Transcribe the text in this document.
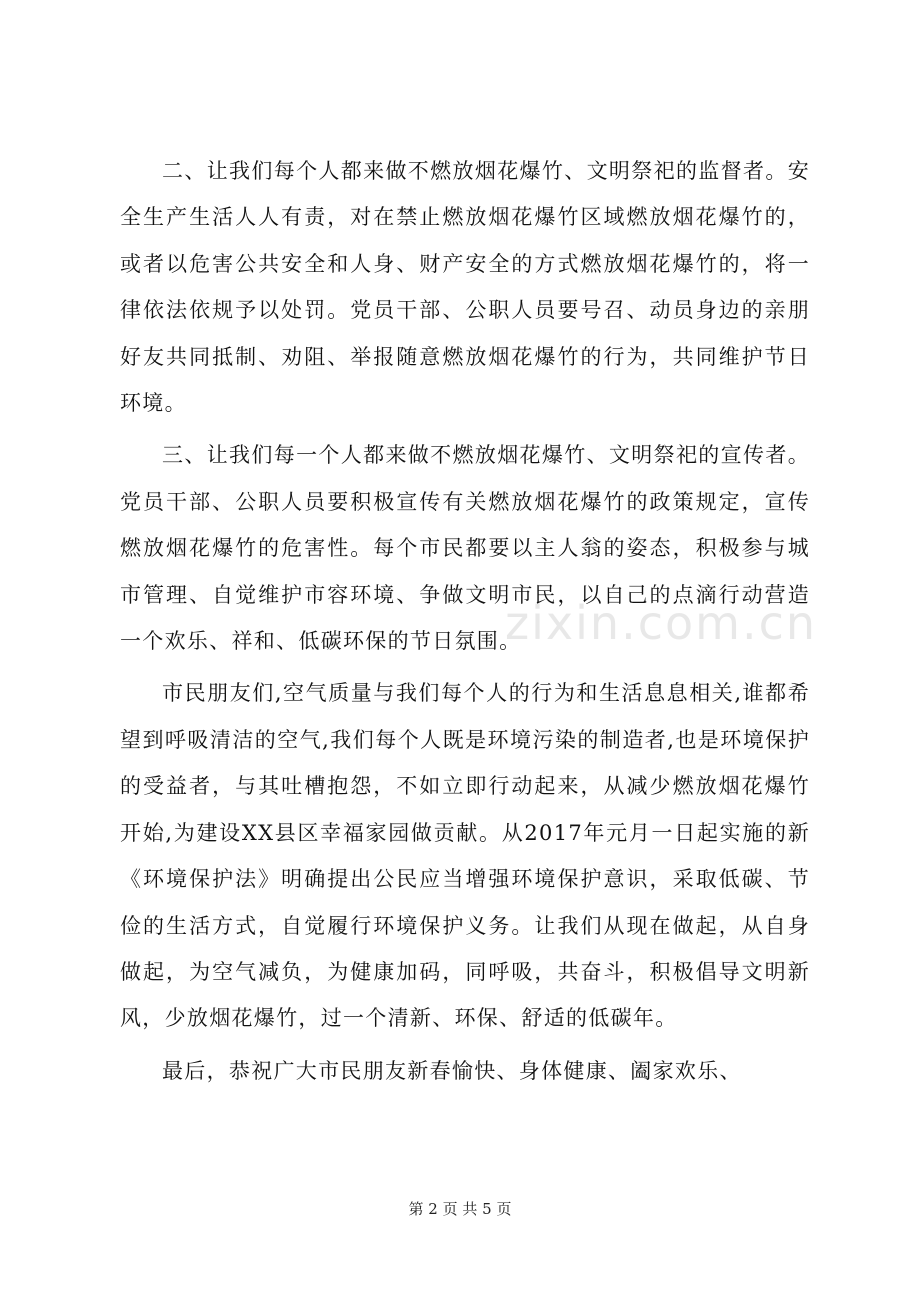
二、让我们每个人都来做不燃放烟花爆竹、文明祭祀的监督者。安全生产生活人人有责，对在禁止燃放烟花爆竹区域燃放烟花爆竹的，或者以危害公共安全和人身、财产安全的方式燃放烟花爆竹的，将一律依法依规予以处罚。党员干部、公职人员要号召、动员身边的亲朋好友共同抵制、劝阻、举报随意燃放烟花爆竹的行为，共同维护节日环境。

三、让我们每一个人都来做不燃放烟花爆竹、文明祭祀的宣传者。党员干部、公职人员要积极宣传有关燃放烟花爆竹的政策规定，宣传燃放烟花爆竹的危害性。每个市民都要以主人翁的姿态，积极参与城市管理、自觉维护市容环境、争做文明市民，以自己的点滴行动营造一个欢乐、祥和、低碳环保的节日氛围。

市民朋友们,空气质量与我们每个人的行为和生活息息相关,谁都希望到呼吸清洁的空气,我们每个人既是环境污染的制造者,也是环境保护的受益者，与其吐槽抱怨，不如立即行动起来，从减少燃放烟花爆竹开始,为建设XX县区幸福家园做贡献。从2017年元月一日起实施的新《环境保护法》明确提出公民应当增强环境保护意识，采取低碳、节俭的生活方式，自觉履行环境保护义务。让我们从现在做起，从自身做起，为空气减负，为健康加码，同呼吸，共奋斗，积极倡导文明新风，少放烟花爆竹，过一个清新、环保、舒适的低碳年。

最后，恭祝广大市民朋友新春愉快、身体健康、阖家欢乐、

zixin.com.cn
第 2 页 共 5 页
